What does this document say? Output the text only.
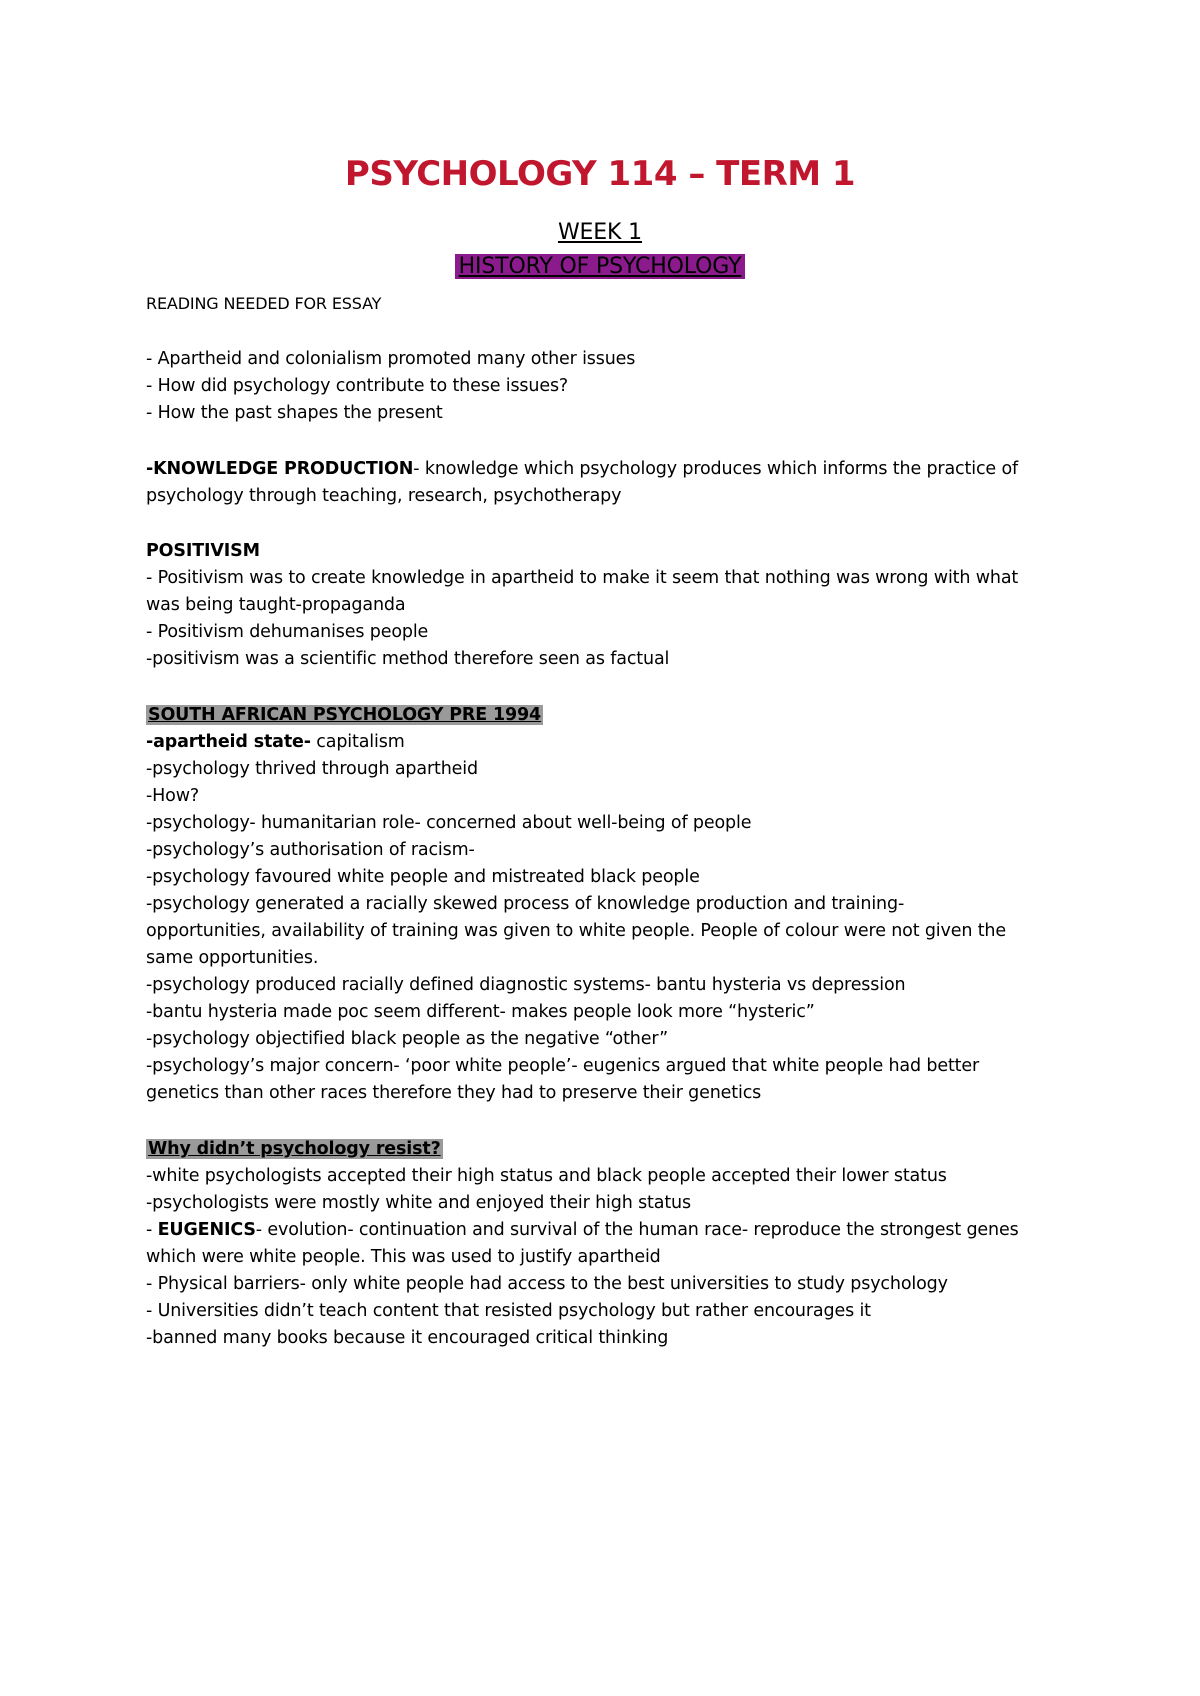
PSYCHOLOGY 114 – TERM 1
WEEK 1
HISTORY OF PSYCHOLOGY
READING NEEDED FOR ESSAY
- Apartheid and colonialism promoted many other issues
- How did psychology contribute to these issues?
- How the past shapes the present
-KNOWLEDGE PRODUCTION- knowledge which psychology produces which informs the practice of
psychology through teaching, research, psychotherapy
POSITIVISM
- Positivism was to create knowledge in apartheid to make it seem that nothing was wrong with what
was being taught-propaganda
- Positivism dehumanises people
-positivism was a scientific method therefore seen as factual
SOUTH AFRICAN PSYCHOLOGY PRE 1994
-apartheid state- capitalism
-psychology thrived through apartheid
-How?
-psychology- humanitarian role- concerned about well-being of people
-psychology’s authorisation of racism-
-psychology favoured white people and mistreated black people
-psychology generated a racially skewed process of knowledge production and training-
opportunities, availability of training was given to white people. People of colour were not given the
same opportunities.
-psychology produced racially defined diagnostic systems- bantu hysteria vs depression
-bantu hysteria made poc seem different- makes people look more “hysteric”
-psychology objectified black people as the negative “other”
-psychology’s major concern- ‘poor white people’- eugenics argued that white people had better
genetics than other races therefore they had to preserve their genetics
Why didn’t psychology resist?
-white psychologists accepted their high status and black people accepted their lower status
-psychologists were mostly white and enjoyed their high status
- EUGENICS- evolution- continuation and survival of the human race- reproduce the strongest genes
which were white people. This was used to justify apartheid
- Physical barriers- only white people had access to the best universities to study psychology
- Universities didn’t teach content that resisted psychology but rather encourages it
-banned many books because it encouraged critical thinking
